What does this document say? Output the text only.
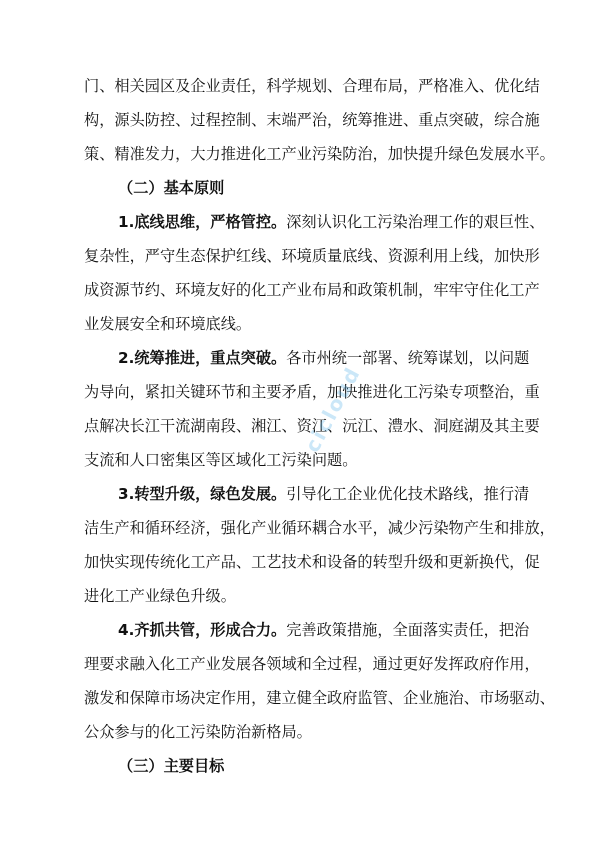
门、相关园区及企业责任，科学规划、合理布局，严格准入、优化结
构，源头防控、过程控制、末端严治，统筹推进、重点突破，综合施
策、精准发力，大力推进化工产业污染防治，加快提升绿色发展水平。
（二）基本原则
1.底线思维，严格管控。深刻认识化工污染治理工作的艰巨性、
复杂性，严守生态保护红线、环境质量底线、资源利用上线，加快形
成资源节约、环境友好的化工产业布局和政策机制，牢牢守住化工产
业发展安全和环境底线。
2.统筹推进，重点突破。各市州统一部署、统筹谋划，以问题
为导向，紧扣关键环节和主要矛盾，加快推进化工污染专项整治，重
点解决长江干流湖南段、湘江、资江、沅江、澧水、洞庭湖及其主要
支流和人口密集区等区域化工污染问题。
3.转型升级，绿色发展。引导化工企业优化技术路线，推行清
洁生产和循环经济，强化产业循环耦合水平，减少污染物产生和排放，
加快实现传统化工产品、工艺技术和设备的转型升级和更新换代，促
进化工产业绿色升级。
4.齐抓共管，形成合力。完善政策措施，全面落实责任，把治
理要求融入化工产业发展各领域和全过程，通过更好发挥政府作用，
激发和保障市场决定作用，建立健全政府监管、企业施治、市场驱动、
公众参与的化工污染防治新格局。
（三）主要目标
cicloud
